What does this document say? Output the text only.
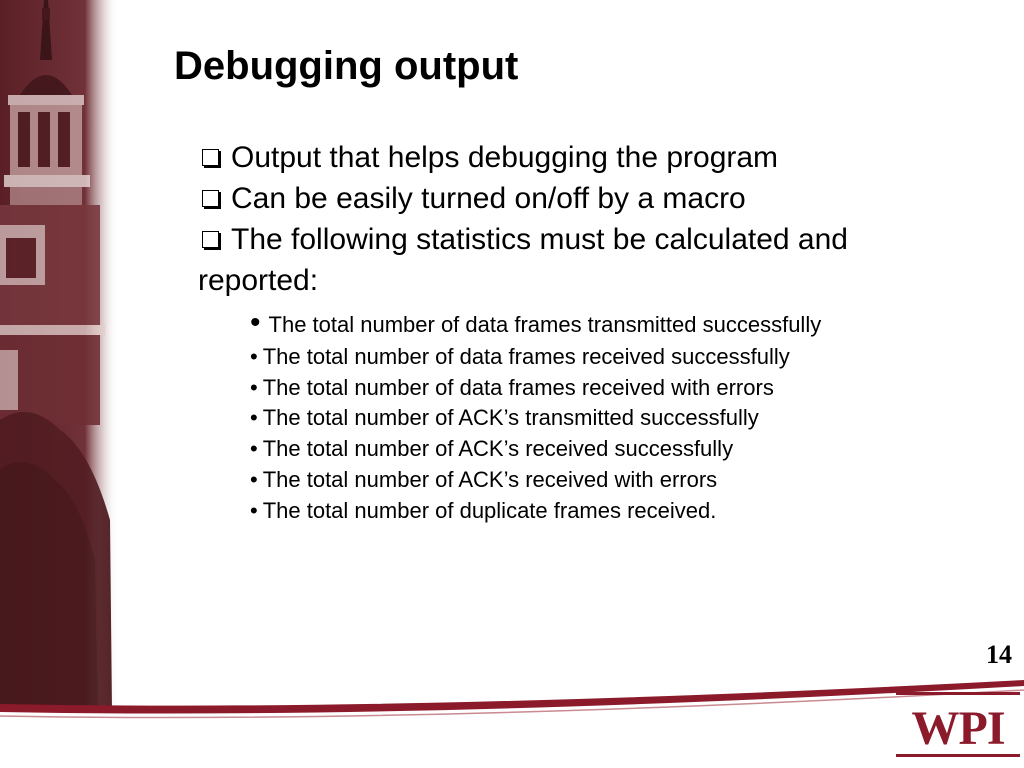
Debugging output
Output that helps debugging the program
Can be easily turned on/off by a macro
The following statistics must be calculated and reported:
• The total number of data frames transmitted successfully
• The total number of data frames received successfully
• The total number of data frames received with errors
• The total number of ACK’s transmitted successfully
• The total number of ACK’s received successfully
• The total number of ACK’s received with errors
• The total number of duplicate frames received.
14
WPI
